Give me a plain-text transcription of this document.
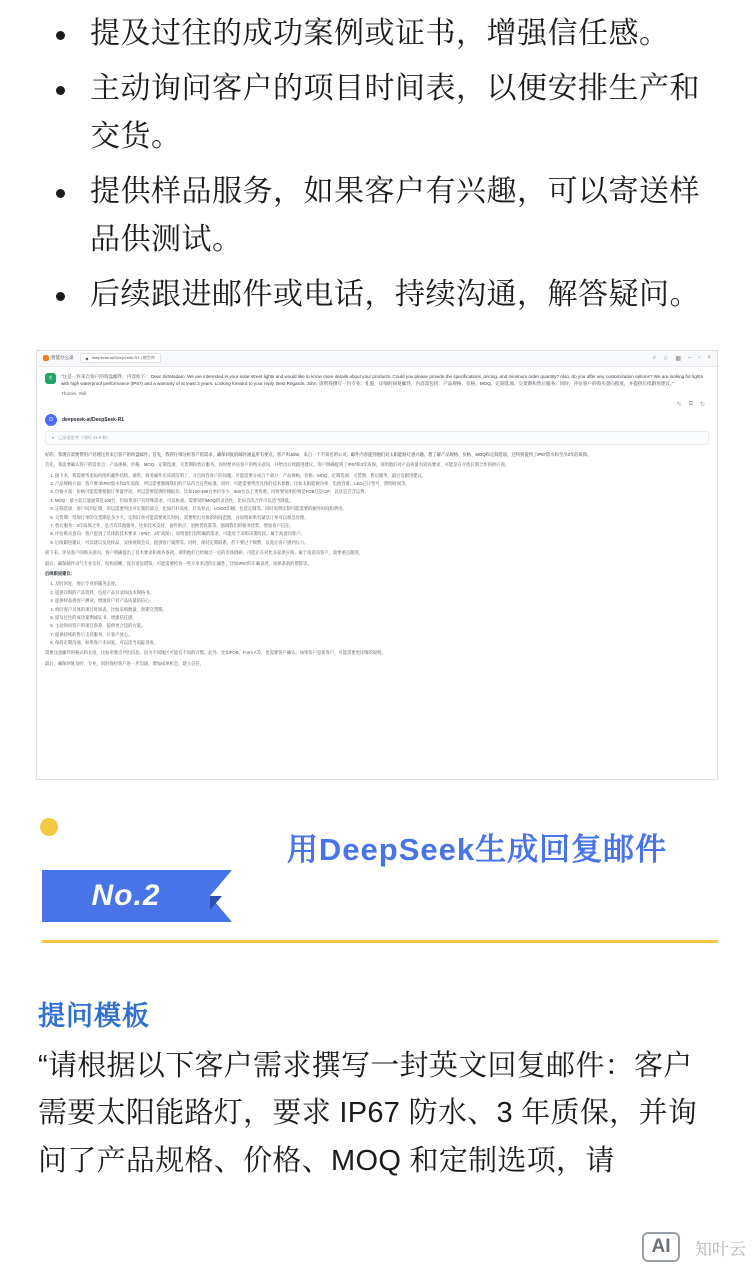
提及过往的成功案例或证书，增强信任感。
主动询问客户的项目时间表，以便安排生产和交货。
提供样品服务，如果客户有兴趣，可以寄送样品供测试。
后续跟进邮件或电话，持续沟通，解答疑问。
智能办公桌	◆ deepseek-ai/DeepSeek-R1 | 模型库	⌕ ☆ ▦ – ▫ ×
用	“这是一封来自客户的询盘邮件，内容如下： Dear Sir/Madam, We are interested in your solar street lights and would like to know more details about your products. Could you please provide the specifications, pricing, and minimum order quantity? Also, do you offer any customization options? We are looking for lights with high waterproof performance (IP67) and a warranty of at least 3 years. Looking forward to your reply. Best Regards, John. 请帮我撰写一封专业、礼貌、详细的回复邮件，内容需包括：产品规格、价格、MOQ、定制选项、交货期和售后服务。同时，评估客户的购买意向程度，并提供后续跟进建议。”
Thanks, Will
✎ ⧉ ↻
D	deepseek-ai/DeepSeek-R1
▾ 已深度思考（用时 41.9 秒）

好的，我现在需要帮用户处理这封来自客户的询盘邮件。首先，我得仔细分析客户的需求，确保回复的邮件涵盖所有要点。客户叫John，来自一个不知名的公司，邮件内容提到他们对太阳能路灯感兴趣，想了解产品规格、价格、MOQ和定制选项，还特别提到了IP67防水和至少3年的质保。

首先，我需要确认客户的需求点：产品规格、价格、MOQ、定制选项、交货期和售后服务。同时要评估客户的购买意向，并给出后续跟进建议。客户明确提到了IP67和3年质保，说明他们对产品质量有较高要求，可能是在寻找长期合作的供应商。

1. 接下来，我需要考虑如何组织邮件结构。通常，商务邮件应该简洁明了，分点回答客户的问题。可能需要分成几个部分：产品规格、价格、MOQ、定制选项、交货期、售后服务，最后是跟进建议。
2. 产品规格方面：客户要求IP67防水和3年质保，所以需要强调我们的产品符合这些标准。同时，可能需要列出具体的技术参数，比如太阳能板功率、电池容量、LED芯片型号、照明时间等。
3. 价格方面：价格可能需要根据订单量浮动，所以需要提供阶梯报价。比如100-499台单价多少，500台以上更优惠。同时要说明价格是FOB还是CIF，以及是否含运费。
4. MOQ：最小起订量通常是100台，但如果客户有特殊需求，可以协商。需要说明MOQ的灵活性，比如首次合作可以适当降低。
5. 定制选项：客户问到定制，所以需要列出可定制的部分，比如灯杆高度、灯头样式、LOGO印刷、包装定制等。同时说明定制可能需要的额外时间和费用。
6. 交货期：常规订单的交货期是多少天，定制订单可能需要更长时间。需要给出具体的时间范围，并说明如果有紧急订单可以加急处理。
7. 售后服务：3年质保之外，是否有其他服务，比如技术支持、备件供应、退换货政策等。强调我们的服务优势，增加客户信任。
8. 评估购买意向：客户提到了具体的技术要求（IP67、3年质保），说明他们有明确的需求，可能处于采购决策阶段。属于高意向客户。
9. 后续跟进建议：可以建议发送样品、安排视频会议、提供客户案例等。同时，保持定期联系，但不要过于频繁，以免让客户感到压力。

接下来，评估客户的购买意向。客户明确提出了技术要求和商务条款，说明他们已经做过一定的市场调研，可能正在对比多家供应商。属于高意向客户，需要重点跟进。

最后，确保邮件语气专业友好，结构清晰，没有语法错误。可能需要检查一些专业术语的正确性，比如IP67的正确表述，质保条款的措辞等。

后续跟进建议：

1. 及时回复，展示专业的服务态度。
2. 提供详细的产品资料，包括产品目录和技术规格书。
3. 提供样品供客户测试，增强客户对产品质量的信心。
4. 询问客户具体的项目时间表，比如采购数量、预期交货期。
5. 提及过往的成功案例或证书，增强信任感。
6. 主动询问客户的项目预算，提供更合适的方案。
7. 提供持续的售后支持服务，让客户放心。
8. 保持定期沟通，如果客户未回复，可以适当追踪进度。

需要注意邮件的格式和长度，比如用要点列出信息，因为不同地区可能有不同的习惯。此外，比如FOB、Form A等，也需要客户确认。如果客户是新客户，可能需要更详细的说明。

最后，确保回复及时、专业，同时保持客户进一步沟通，增加成单机会，建立信任。

No.2
用DeepSeek生成回复邮件
提问模板
“请根据以下客户需求撰写一封英文回复邮件：客户需要太阳能路灯，要求 IP67 防水、3 年质保，并询问了产品规格、价格、MOQ 和定制选项，请
AI	知叶云
